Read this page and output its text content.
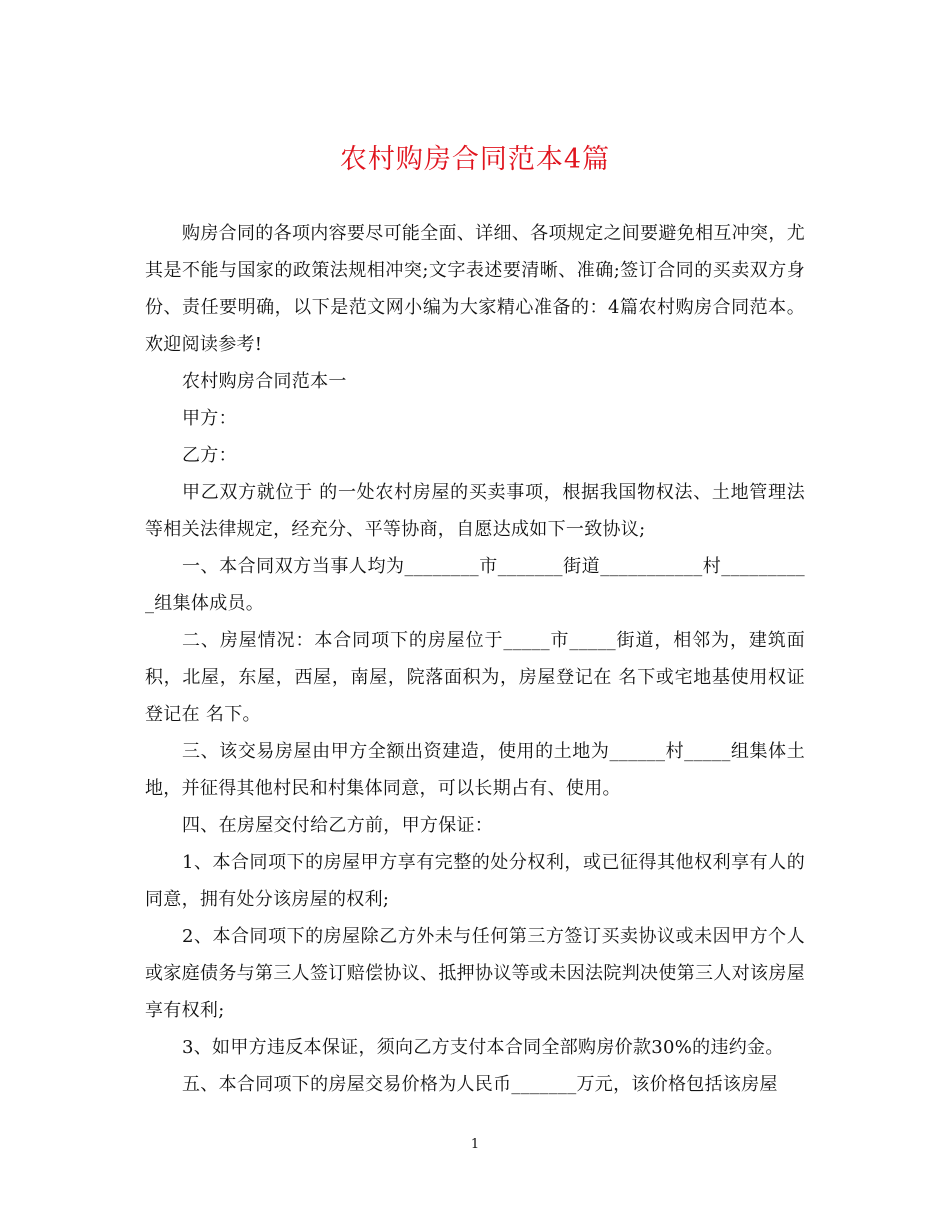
农村购房合同范本4篇

购房合同的各项内容要尽可能全面、详细、各项规定之间要避免相互冲突，尤其是不能与国家的政策法规相冲突;文字表述要清晰、准确;签订合同的买卖双方身份、责任要明确，以下是范文网小编为大家精心准备的：4篇农村购房合同范本。欢迎阅读参考!

农村购房合同范本一

甲方：

乙方：

甲乙双方就位于 的一处农村房屋的买卖事项，根据我国物权法、土地管理法等相关法律规定，经充分、平等协商，自愿达成如下一致协议;

一、本合同双方当事人均为________市_______街道___________村__________组集体成员。

二、房屋情况：本合同项下的房屋位于_____市_____街道，相邻为，建筑面积，北屋，东屋，西屋，南屋，院落面积为，房屋登记在 名下或宅地基使用权证登记在 名下。

三、该交易房屋由甲方全额出资建造，使用的土地为______村_____组集体土地，并征得其他村民和村集体同意，可以长期占有、使用。

四、在房屋交付给乙方前，甲方保证：

1、本合同项下的房屋甲方享有完整的处分权利，或已征得其他权利享有人的同意，拥有处分该房屋的权利;

2、本合同项下的房屋除乙方外未与任何第三方签订买卖协议或未因甲方个人或家庭债务与第三人签订赔偿协议、抵押协议等或未因法院判决使第三人对该房屋享有权利;

3、如甲方违反本保证，须向乙方支付本合同全部购房价款30%的违约金。

五、本合同项下的房屋交易价格为人民币_______万元，该价格包括该房屋

1
